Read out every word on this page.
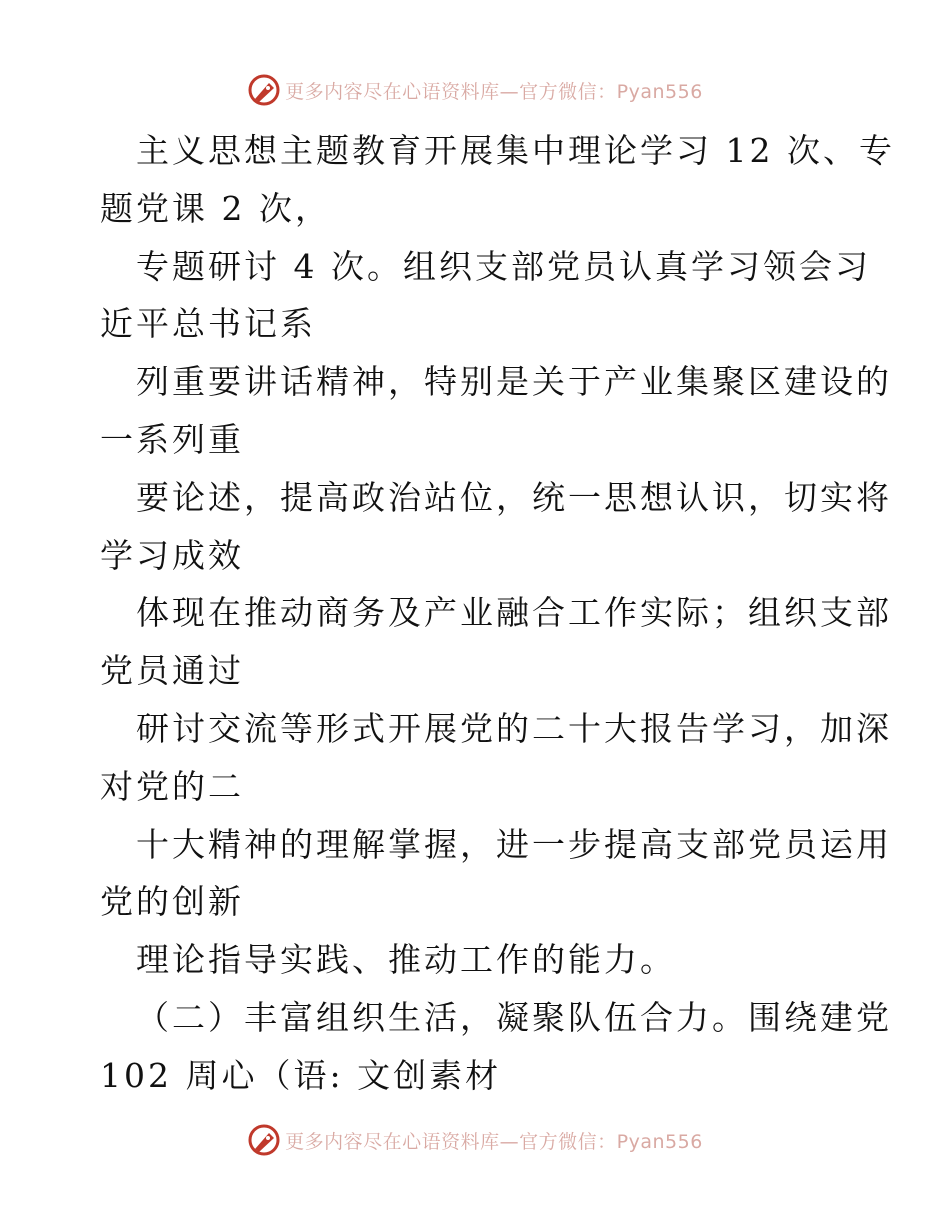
更多内容尽在心语资料库—官方微信：Pyan556
主义思想主题教育开展集中理论学习 12 次、专
题党课 2 次，
专题研讨 4 次。组织支部党员认真学习领会习
近平总书记系
列重要讲话精神，特别是关于产业集聚区建设的
一系列重
要论述，提高政治站位，统一思想认识，切实将
学习成效
体现在推动商务及产业融合工作实际；组织支部
党员通过
研讨交流等形式开展党的二十大报告学习，加深
对党的二
十大精神的理解掌握，进一步提高支部党员运用
党的创新
理论指导实践、推动工作的能力。
（二）丰富组织生活，凝聚队伍合力。围绕建党
102 周心（语: 文创素材
更多内容尽在心语资料库—官方微信：Pyan556
